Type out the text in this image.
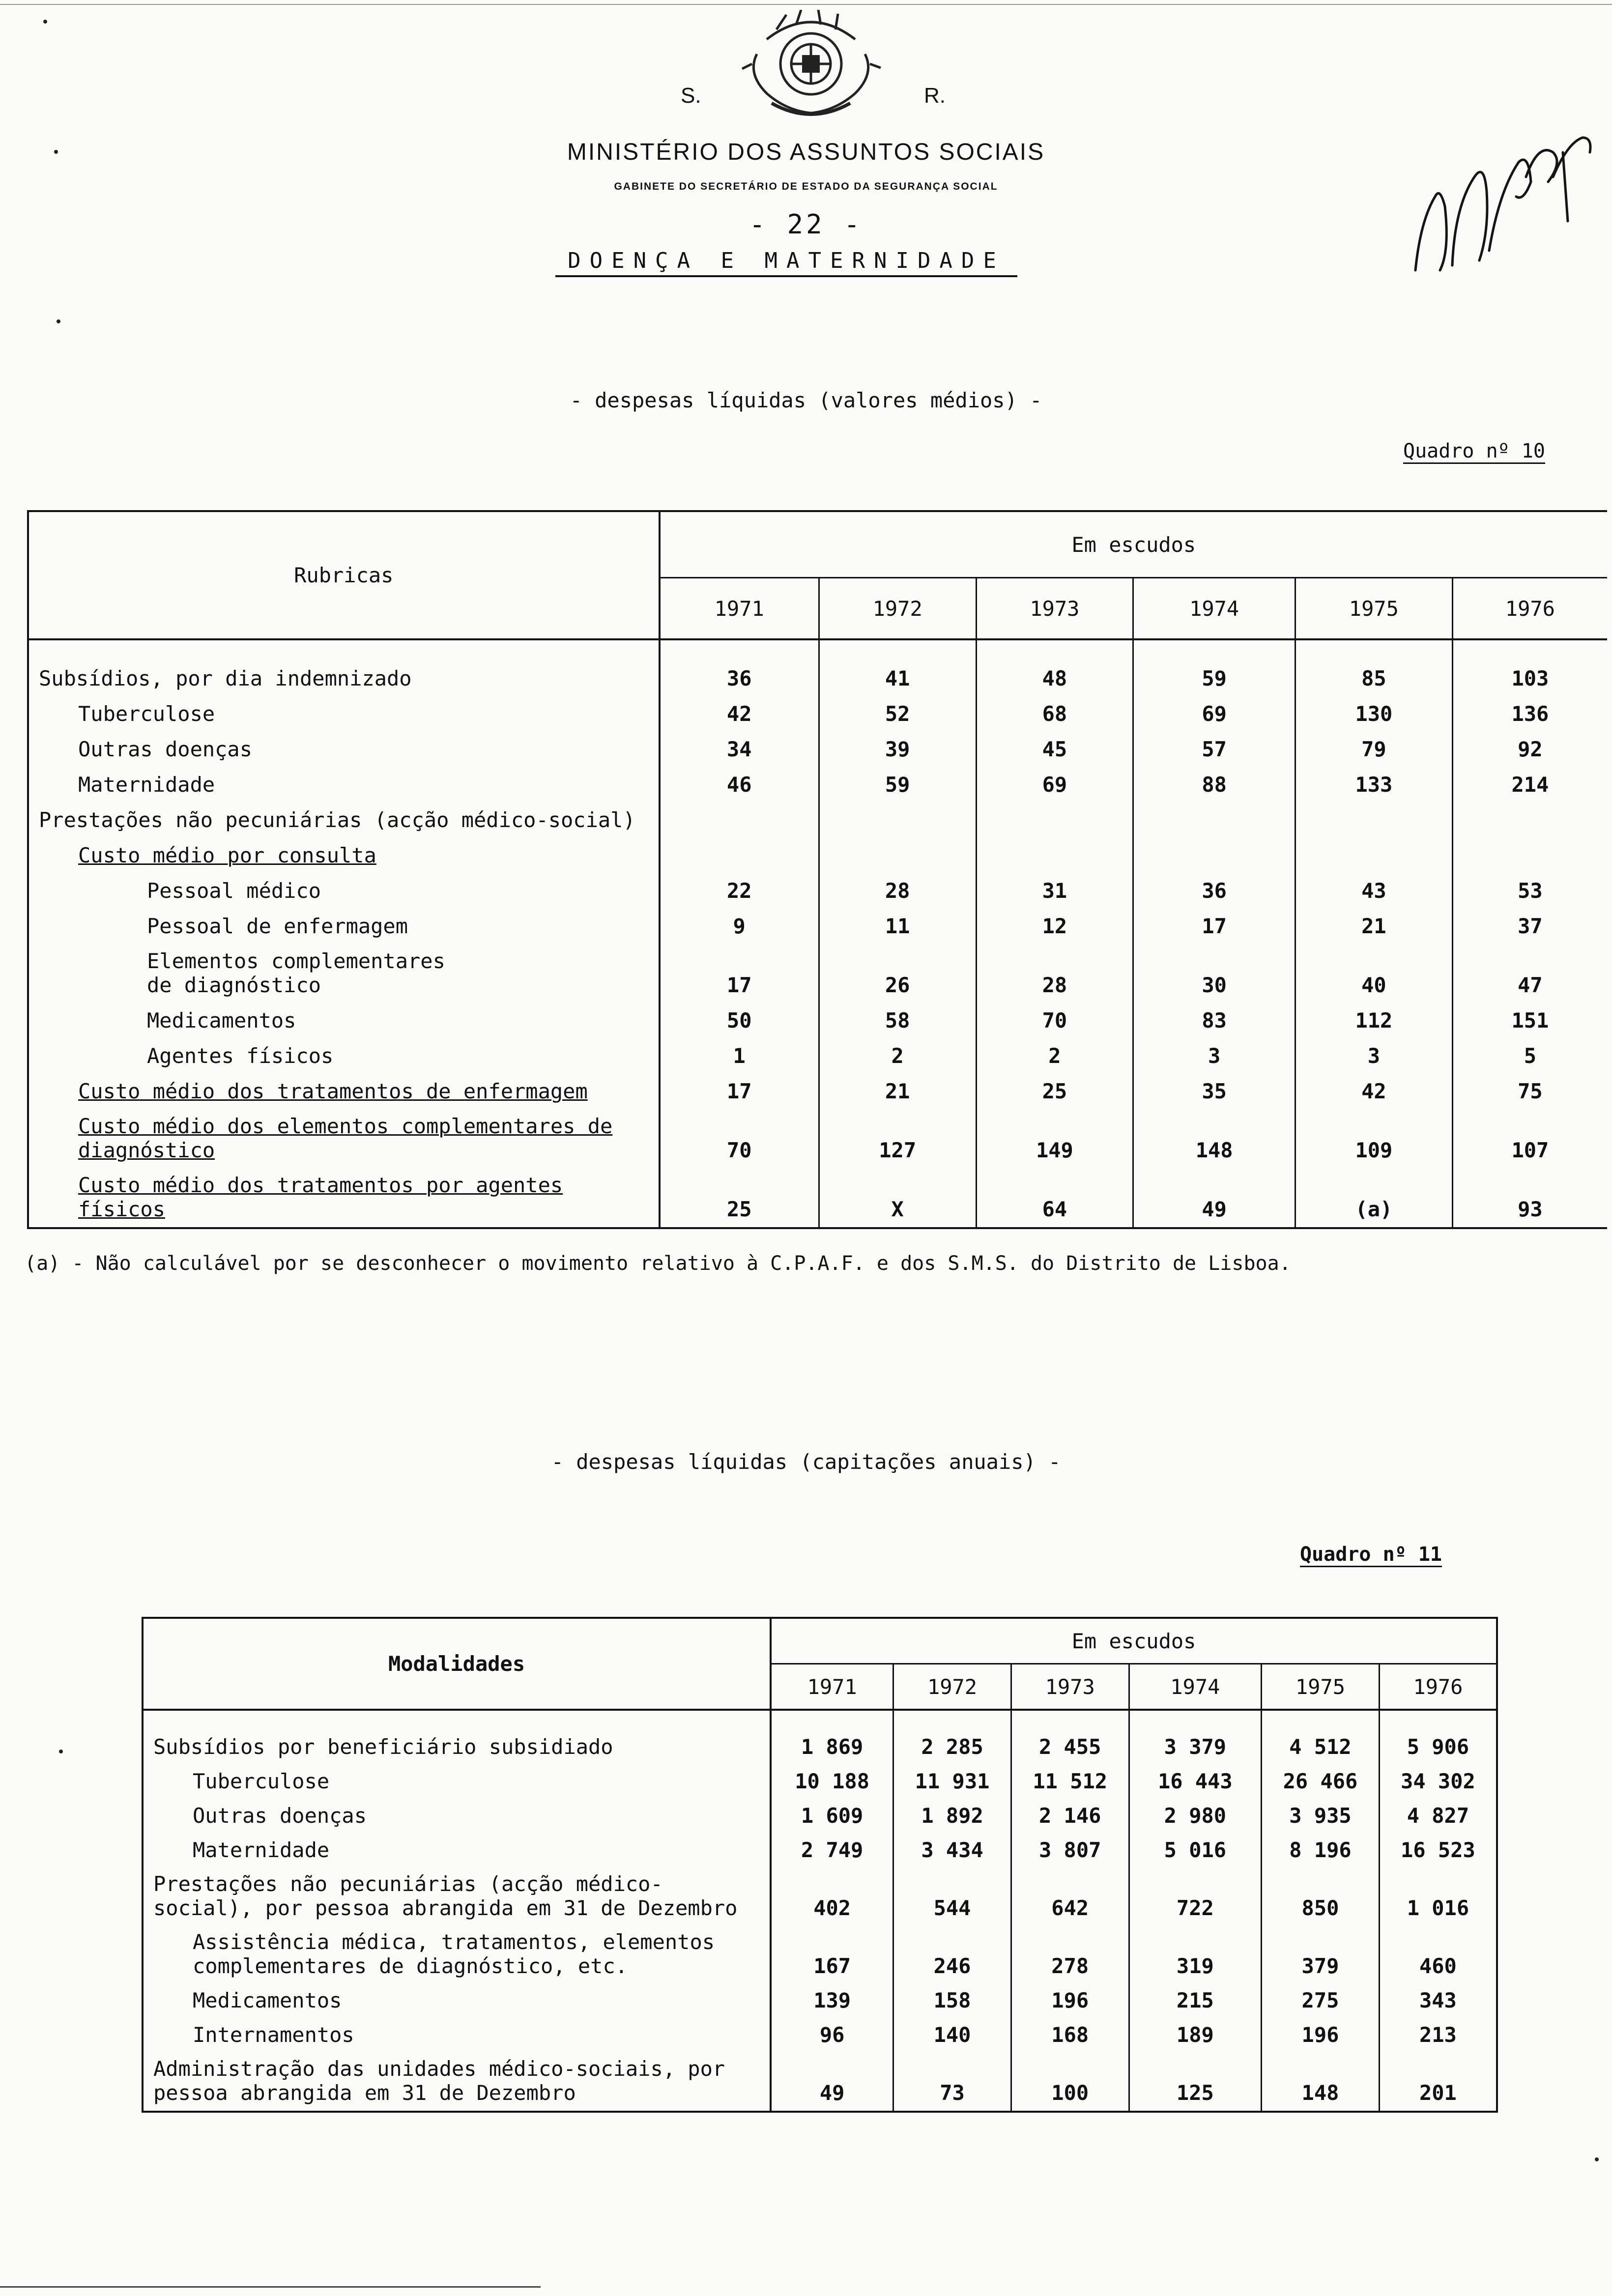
S.	R.
MINISTÉRIO DOS ASSUNTOS SOCIAIS
GABINETE DO SECRETÁRIO DE ESTADO DA SEGURANÇA SOCIAL
- 22 -
DOENÇA E MATERNIDADE
- despesas líquidas (valores médios) -
Quadro nº 10
Rubricas	Em escudos					
	1971	1972	1973	1974	1975	1976
Subsídios, por dia indemnizado	36	41	48	59	85	103
Tuberculose	42	52	68	69	130	136
Outras doenças	34	39	45	57	79	92
Maternidade	46	59	69	88	133	214
Prestações não pecuniárias (acção médico-social)						
Custo médio por consulta						
Pessoal médico	22	28	31	36	43	53
Pessoal de enfermagem	9	11	12	17	21	37
Elementos complementares de diagnóstico	17	26	28	30	40	47
Medicamentos	50	58	70	83	112	151
Agentes físicos	1	2	2	3	3	5
Custo médio dos tratamentos de enfermagem	17	21	25	35	42	75
Custo médio dos elementos complementares de diagnóstico	70	127	149	148	109	107
Custo médio dos tratamentos por agentes físicos	25	X	64	49	(a)	93
(a) - Não calculável por se desconhecer o movimento relativo à C.P.A.F. e dos S.M.S. do Distrito de Lisboa.
- despesas líquidas (capitações anuais) -
Quadro nº 11
Modalidades	Em escudos					
	1971	1972	1973	1974	1975	1976
Subsídios por beneficiário subsidiado	1 869	2 285	2 455	3 379	4 512	5 906
Tuberculose	10 188	11 931	11 512	16 443	26 466	34 302
Outras doenças	1 609	1 892	2 146	2 980	3 935	4 827
Maternidade	2 749	3 434	3 807	5 016	8 196	16 523
Prestações não pecuniárias (acção médico-social), por pessoa abrangida em 31 de Dezembro	402	544	642	722	850	1 016
Assistência médica, tratamentos, elementos complementares de diagnóstico, etc.	167	246	278	319	379	460
Medicamentos	139	158	196	215	275	343
Internamentos	96	140	168	189	196	213
Administração das unidades médico-sociais, por pessoa abrangida em 31 de Dezembro	49	73	100	125	148	201
